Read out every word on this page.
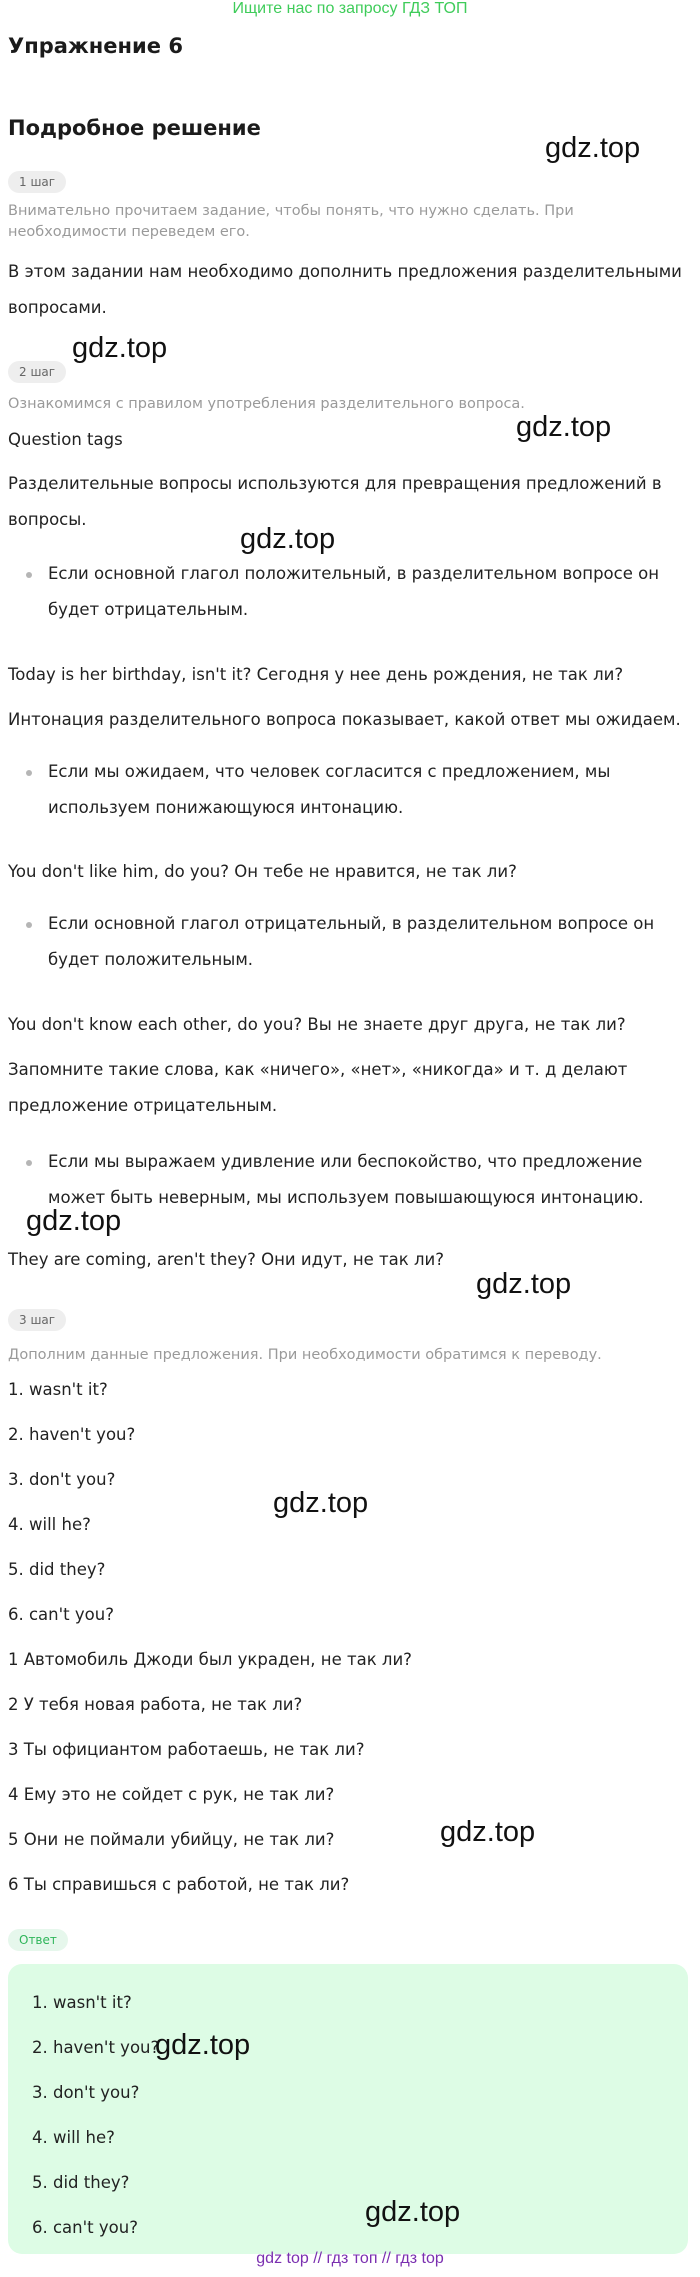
Ищите нас по запросу ГДЗ ТОП
Упражнение 6
Подробное решение
1 шаг
Внимательно прочитаем задание, чтобы понять, что нужно сделать. При необходимости переведем его.
В этом задании нам необходимо дополнить предложения разделительными вопросами.
2 шаг
Ознакомимся с правилом употребления разделительного вопроса.
Question tags
Разделительные вопросы используются для превращения предложений в вопросы.
Если основной глагол положительный, в разделительном вопросе он будет отрицательным.
Today is her birthday, isn't it? Сегодня у нее день рождения, не так ли?
Интонация разделительного вопроса показывает, какой ответ мы ожидаем.
Если мы ожидаем, что человек согласится с предложением, мы используем понижающуюся интонацию.
You don't like him, do you? Он тебе не нравится, не так ли?
Если основной глагол отрицательный, в разделительном вопросе он будет положительным.
You don't know each other, do you? Вы не знаете друг друга, не так ли?
Запомните такие слова, как «ничего», «нет», «никогда» и т. д делают предложение отрицательным.
Если мы выражаем удивление или беспокойство, что предложение может быть неверным, мы используем повышающуюся интонацию.
They are coming, aren't they? Они идут, не так ли?
3 шаг
Дополним данные предложения. При необходимости обратимся к переводу.
1. wasn't it?
2. haven't you?
3. don't you?
4. will he?
5. did they?
6. can't you?
1 Автомобиль Джоди был украден, не так ли?
2 У тебя новая работа, не так ли?
3 Ты официантом работаешь, не так ли?
4 Ему это не сойдет с рук, не так ли?
5 Они не поймали убийцу, не так ли?
6 Ты справишься с работой, не так ли?
Ответ
1. wasn't it?
2. haven't you?
3. don't you?
4. will he?
5. did they?
6. can't you?
gdz.top
gdz.top
gdz.top
gdz.top
gdz.top
gdz.top
gdz.top
gdz.top
gdz.top
gdz.top
gdz top // гдз топ // гдз top
